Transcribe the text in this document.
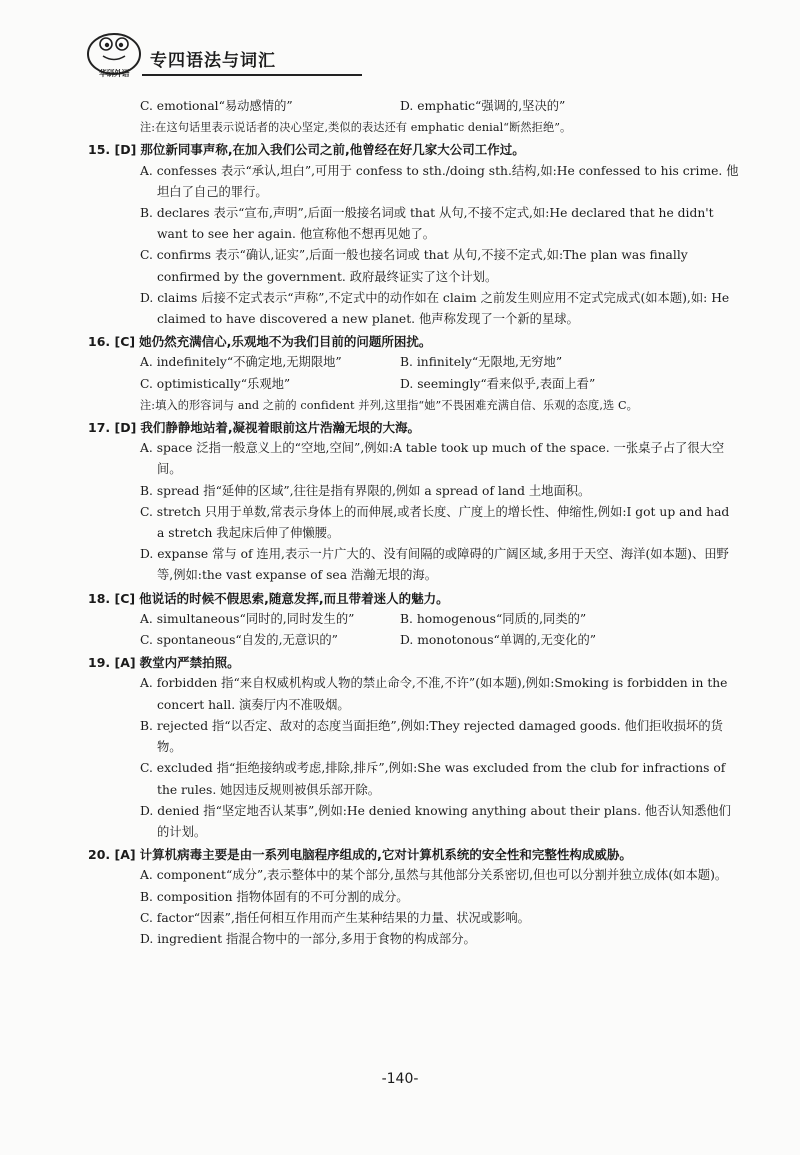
华研外语
专四语法与词汇
C. emotional“易动感情的”	D. emphatic“强调的,坚决的”
注:在这句话里表示说话者的决心坚定,类似的表达还有 emphatic denial“断然拒绝”。
15. [D] 那位新同事声称,在加入我们公司之前,他曾经在好几家大公司工作过。
A. confesses 表示“承认,坦白”,可用于 confess to sth./doing sth.结构,如:He confessed to his crime. 他坦白了自己的罪行。
B. declares 表示“宣布,声明”,后面一般接名词或 that 从句,不接不定式,如:He declared that he didn't want to see her again. 他宣称他不想再见她了。
C. confirms 表示“确认,证实”,后面一般也接名词或 that 从句,不接不定式,如:The plan was finally confirmed by the government. 政府最终证实了这个计划。
D. claims 后接不定式表示“声称”,不定式中的动作如在 claim 之前发生则应用不定式完成式(如本题),如: He claimed to have discovered a new planet. 他声称发现了一个新的星球。
16. [C] 她仍然充满信心,乐观地不为我们目前的问题所困扰。
A. indefinitely“不确定地,无期限地”	B. infinitely“无限地,无穷地”
C. optimistically“乐观地”	D. seemingly“看来似乎,表面上看”
注:填入的形容词与 and 之前的 confident 并列,这里指“她”不畏困难充满自信、乐观的态度,选 C。
17. [D] 我们静静地站着,凝视着眼前这片浩瀚无垠的大海。
A. space 泛指一般意义上的“空地,空间”,例如:A table took up much of the space. 一张桌子占了很大空间。
B. spread 指“延伸的区域”,往往是指有界限的,例如 a spread of land 土地面积。
C. stretch 只用于单数,常表示身体上的而伸展,或者长度、广度上的增长性、伸缩性,例如:I got up and had a stretch 我起床后伸了伸懒腰。
D. expanse 常与 of 连用,表示一片广大的、没有间隔的或障碍的广阔区域,多用于天空、海洋(如本题)、田野等,例如:the vast expanse of sea 浩瀚无垠的海。
18. [C] 他说话的时候不假思索,随意发挥,而且带着迷人的魅力。
A. simultaneous“同时的,同时发生的”	B. homogenous“同质的,同类的”
C. spontaneous“自发的,无意识的”	D. monotonous“单调的,无变化的”
19. [A] 教堂内严禁拍照。
A. forbidden 指“来自权威机构或人物的禁止命令,不准,不许”(如本题),例如:Smoking is forbidden in the concert hall. 演奏厅内不准吸烟。
B. rejected 指“以否定、敌对的态度当面拒绝”,例如:They rejected damaged goods. 他们拒收损坏的货物。
C. excluded 指“拒绝接纳或考虑,排除,排斥”,例如:She was excluded from the club for infractions of the rules. 她因违反规则被俱乐部开除。
D. denied 指“坚定地否认某事”,例如:He denied knowing anything about their plans. 他否认知悉他们的计划。
20. [A] 计算机病毒主要是由一系列电脑程序组成的,它对计算机系统的安全性和完整性构成威胁。
A. component“成分”,表示整体中的某个部分,虽然与其他部分关系密切,但也可以分割并独立成体(如本题)。
B. composition 指物体固有的不可分割的成分。
C. factor“因素”,指任何相互作用而产生某种结果的力量、状况或影响。
D. ingredient 指混合物中的一部分,多用于食物的构成部分。
-140-
